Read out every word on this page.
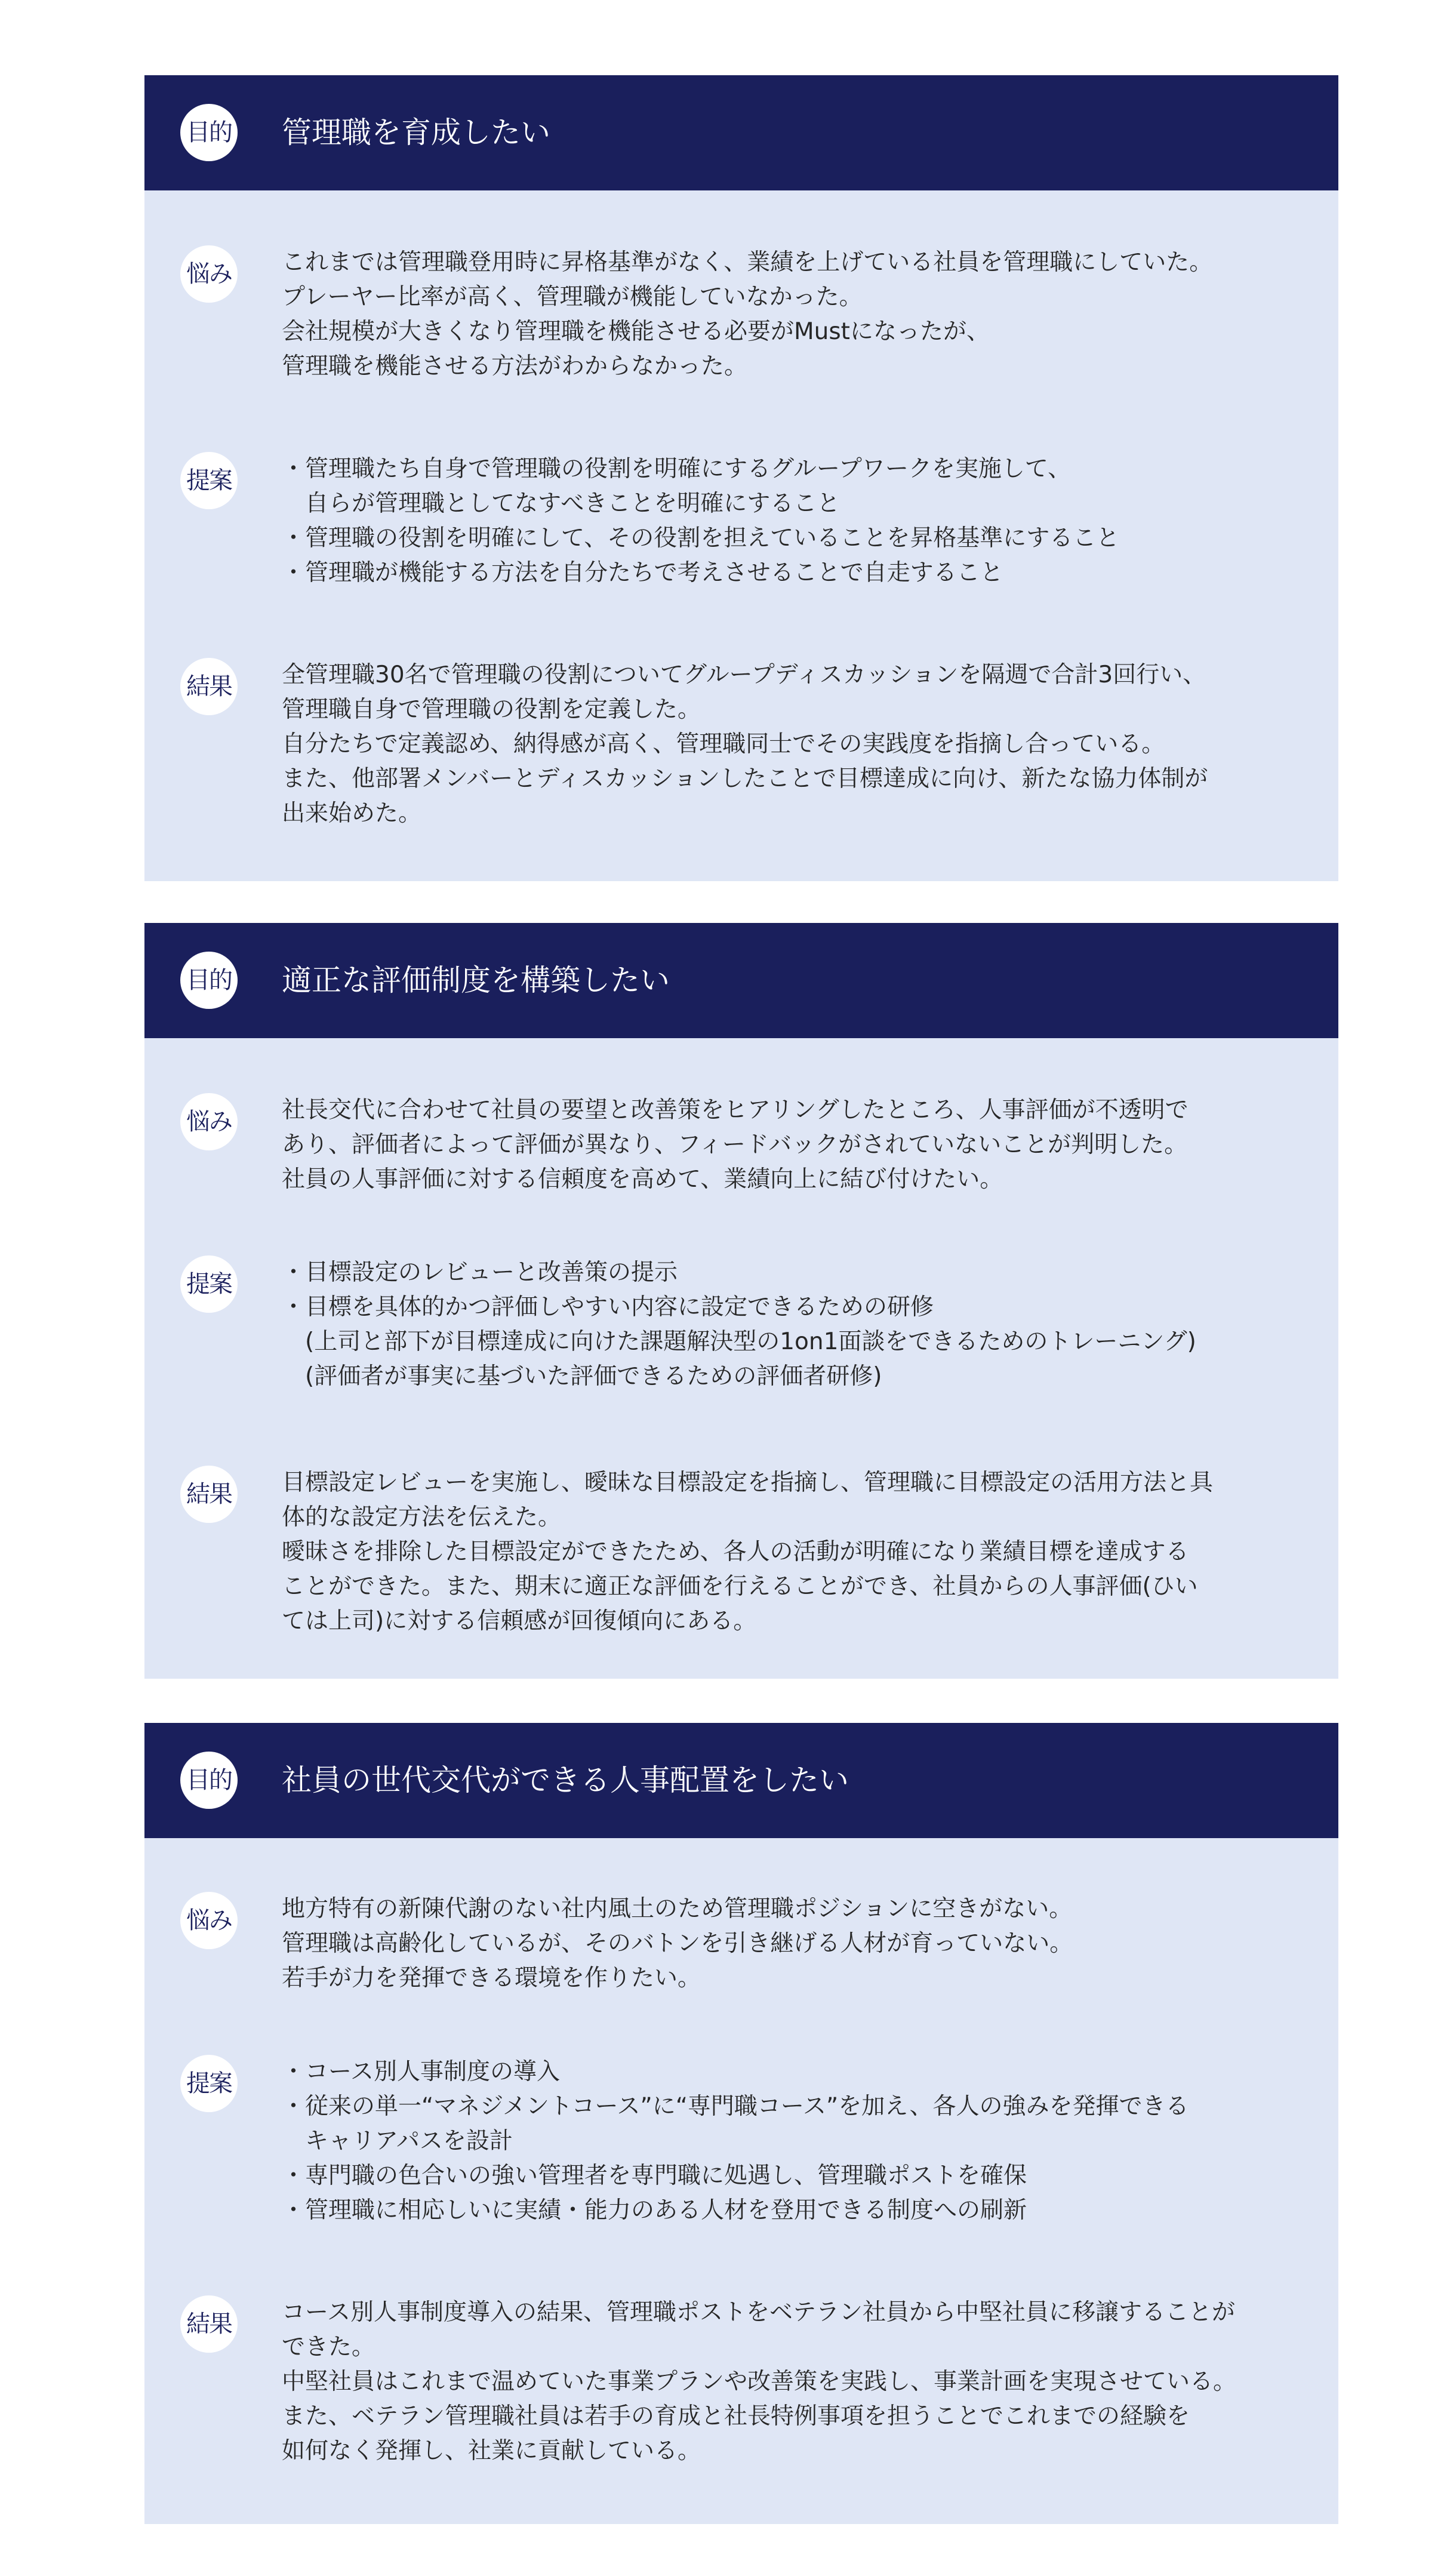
目的 管理職を育成したい
悩み これまでは管理職登用時に昇格基準がなく、業績を上げている社員を管理職にしていた。
プレーヤー比率が高く、管理職が機能していなかった。
会社規模が大きくなり管理職を機能させる必要がMustになったが、
管理職を機能させる方法がわからなかった。
提案 ・管理職たち自身で管理職の役割を明確にするグループワークを実施して、
　自らが管理職としてなすべきことを明確にすること
・管理職の役割を明確にして、その役割を担えていることを昇格基準にすること
・管理職が機能する方法を自分たちで考えさせることで自走すること
結果 全管理職30名で管理職の役割についてグループディスカッションを隔週で合計3回行い、
管理職自身で管理職の役割を定義した。
自分たちで定義認め、納得感が高く、管理職同士でその実践度を指摘し合っている。
また、他部署メンバーとディスカッションしたことで目標達成に向け、新たな協力体制が
出来始めた。
目的 適正な評価制度を構築したい
悩み 社長交代に合わせて社員の要望と改善策をヒアリングしたところ、人事評価が不透明で
あり、評価者によって評価が異なり、フィードバックがされていないことが判明した。
社員の人事評価に対する信頼度を高めて、業績向上に結び付けたい。
提案 ・目標設定のレビューと改善策の提示
・目標を具体的かつ評価しやすい内容に設定できるための研修
　(上司と部下が目標達成に向けた課題解決型の1on1面談をできるためのトレーニング)
　(評価者が事実に基づいた評価できるための評価者研修)
結果 目標設定レビューを実施し、曖昧な目標設定を指摘し、管理職に目標設定の活用方法と具
体的な設定方法を伝えた。
曖昧さを排除した目標設定ができたため、各人の活動が明確になり業績目標を達成する
ことができた。また、期末に適正な評価を行えることができ、社員からの人事評価(ひい
ては上司)に対する信頼感が回復傾向にある。
目的 社員の世代交代ができる人事配置をしたい
悩み 地方特有の新陳代謝のない社内風土のため管理職ポジションに空きがない。
管理職は高齢化しているが、そのバトンを引き継げる人材が育っていない。
若手が力を発揮できる環境を作りたい。
提案 ・コース別人事制度の導入
・従来の単一“マネジメントコース”に“専門職コース”を加え、各人の強みを発揮できる
　キャリアパスを設計
・専門職の色合いの強い管理者を専門職に処遇し、管理職ポストを確保
・管理職に相応しいに実績・能力のある人材を登用できる制度への刷新
結果 コース別人事制度導入の結果、管理職ポストをベテラン社員から中堅社員に移譲することが
できた。
中堅社員はこれまで温めていた事業プランや改善策を実践し、事業計画を実現させている。
また、ベテラン管理職社員は若手の育成と社長特例事項を担うことでこれまでの経験を
如何なく発揮し、社業に貢献している。
